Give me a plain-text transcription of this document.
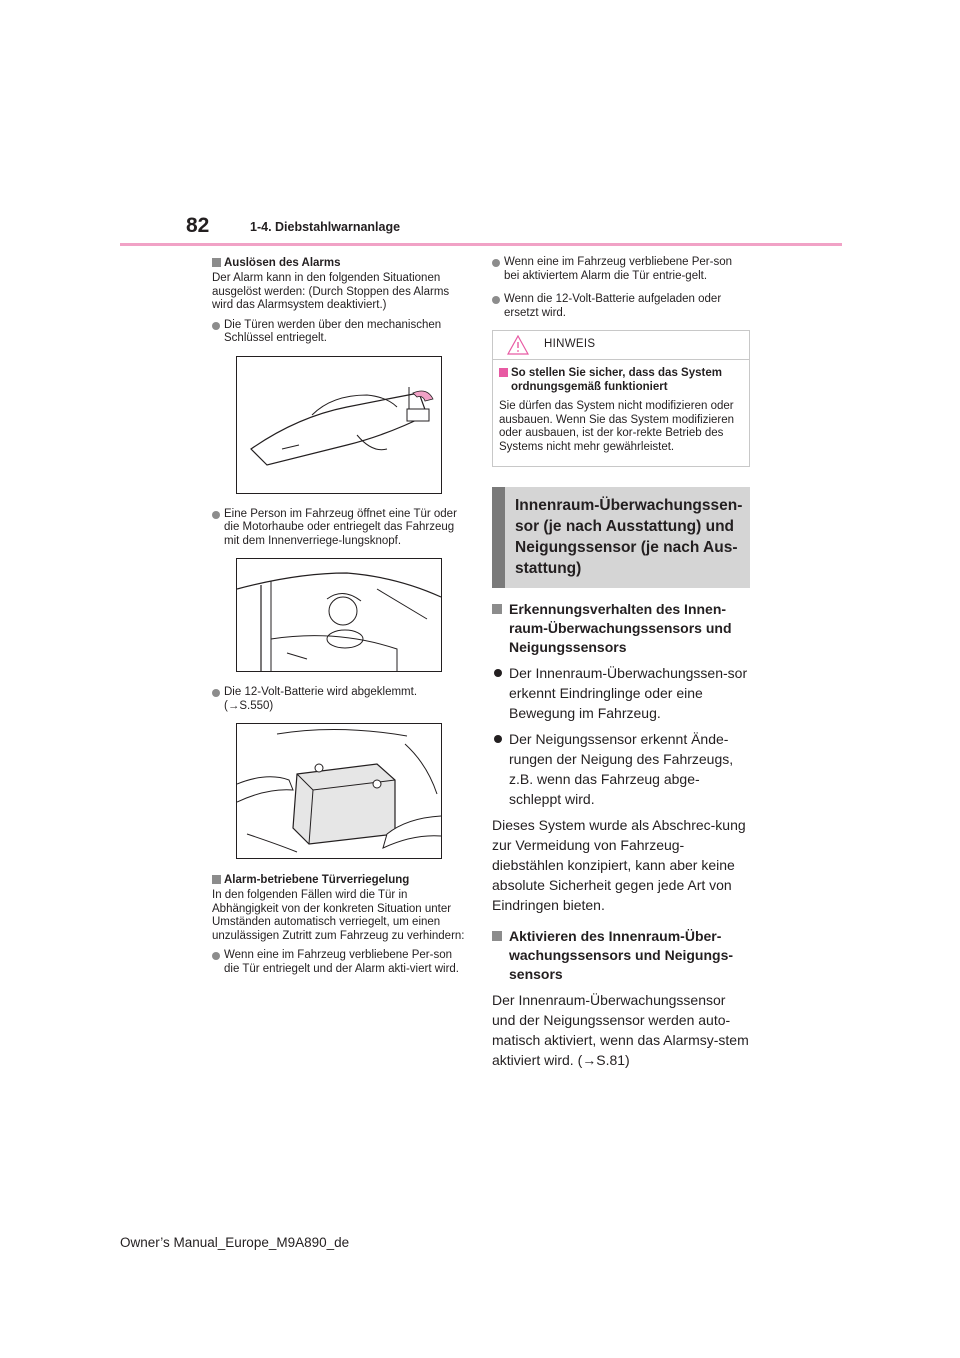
82	1-4. Diebstahlwarnanlage
Auslösen des Alarms
Der Alarm kann in den folgenden Situationen ausgelöst werden: (Durch Stoppen des Alarms wird das Alarmsystem deaktiviert.)
Die Türen werden über den mechanischen Schlüssel entriegelt.
Eine Person im Fahrzeug öffnet eine Tür oder die Motorhaube oder entriegelt das Fahrzeug mit dem Innenverriege-lungsknopf.
Die 12-Volt-Batterie wird abgeklemmt. (→S.550)
Alarm-betriebene Türverriegelung
In den folgenden Fällen wird die Tür in Abhängigkeit von der konkreten Situation unter Umständen automatisch verriegelt, um einen unzulässigen Zutritt zum Fahrzeug zu verhindern:
Wenn eine im Fahrzeug verbliebene Per-son die Tür entriegelt und der Alarm akti-viert wird.
Wenn eine im Fahrzeug verbliebene Per-son bei aktiviertem Alarm die Tür entrie-gelt.
Wenn die 12-Volt-Batterie aufgeladen oder ersetzt wird.
HINWEIS
So stellen Sie sicher, dass das System ordnungsgemäß funktioniert
Sie dürfen das System nicht modifizieren oder ausbauen. Wenn Sie das System modifizieren oder ausbauen, ist der kor-rekte Betrieb des Systems nicht mehr gewährleistet.
Innenraum-Überwachungssen-sor (je nach Ausstattung) und Neigungssensor (je nach Aus-stattung)
Erkennungsverhalten des Innen-raum-Überwachungssensors und Neigungssensors
Der Innenraum-Überwachungssen-sor erkennt Eindringlinge oder eine Bewegung im Fahrzeug.
Der Neigungssensor erkennt Ände-rungen der Neigung des Fahrzeugs, z.B. wenn das Fahrzeug abge-schleppt wird.
Dieses System wurde als Abschrec-kung zur Vermeidung von Fahrzeug-diebstählen konzipiert, kann aber keine absolute Sicherheit gegen jede Art von Eindringen bieten.
Aktivieren des Innenraum-Über-wachungssensors und Neigungs-sensors
Der Innenraum-Überwachungssensor und der Neigungssensor werden auto-matisch aktiviert, wenn das Alarmsy-stem aktiviert wird. (→S.81)
Owner’s Manual_Europe_M9A890_de
